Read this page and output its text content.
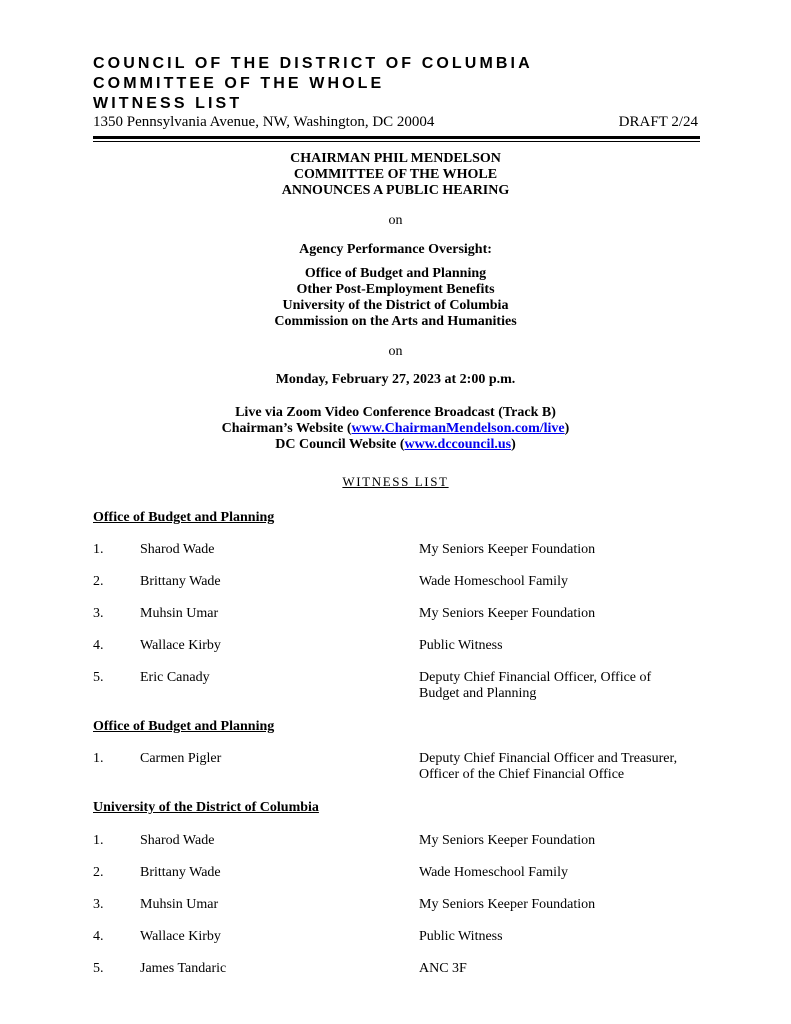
COUNCIL OF THE DISTRICT OF COLUMBIA
COMMITTEE OF THE WHOLE
WITNESS LIST
1350 Pennsylvania Avenue, NW, Washington, DC 20004	DRAFT 2/24
CHAIRMAN PHIL MENDELSON
COMMITTEE OF THE WHOLE
ANNOUNCES A PUBLIC HEARING
on
Agency Performance Oversight:
Office of Budget and Planning
Other Post-Employment Benefits
University of the District of Columbia
Commission on the Arts and Humanities
on
Monday, February 27, 2023 at 2:00 p.m.
Live via Zoom Video Conference Broadcast (Track B)
Chairman’s Website (www.ChairmanMendelson.com/live)
DC Council Website (www.dccouncil.us)
WITNESS LIST
Office of Budget and Planning
1.	Sharod Wade	My Seniors Keeper Foundation
2.	Brittany Wade	Wade Homeschool Family
3.	Muhsin Umar	My Seniors Keeper Foundation
4.	Wallace Kirby	Public Witness
5.	Eric Canady	Deputy Chief Financial Officer, Office of
Budget and Planning
Office of Budget and Planning
1.	Carmen Pigler	Deputy Chief Financial Officer and Treasurer,
Officer of the Chief Financial Office
University of the District of Columbia
1.	Sharod Wade	My Seniors Keeper Foundation
2.	Brittany Wade	Wade Homeschool Family
3.	Muhsin Umar	My Seniors Keeper Foundation
4.	Wallace Kirby	Public Witness
5.	James Tandaric	ANC 3F
